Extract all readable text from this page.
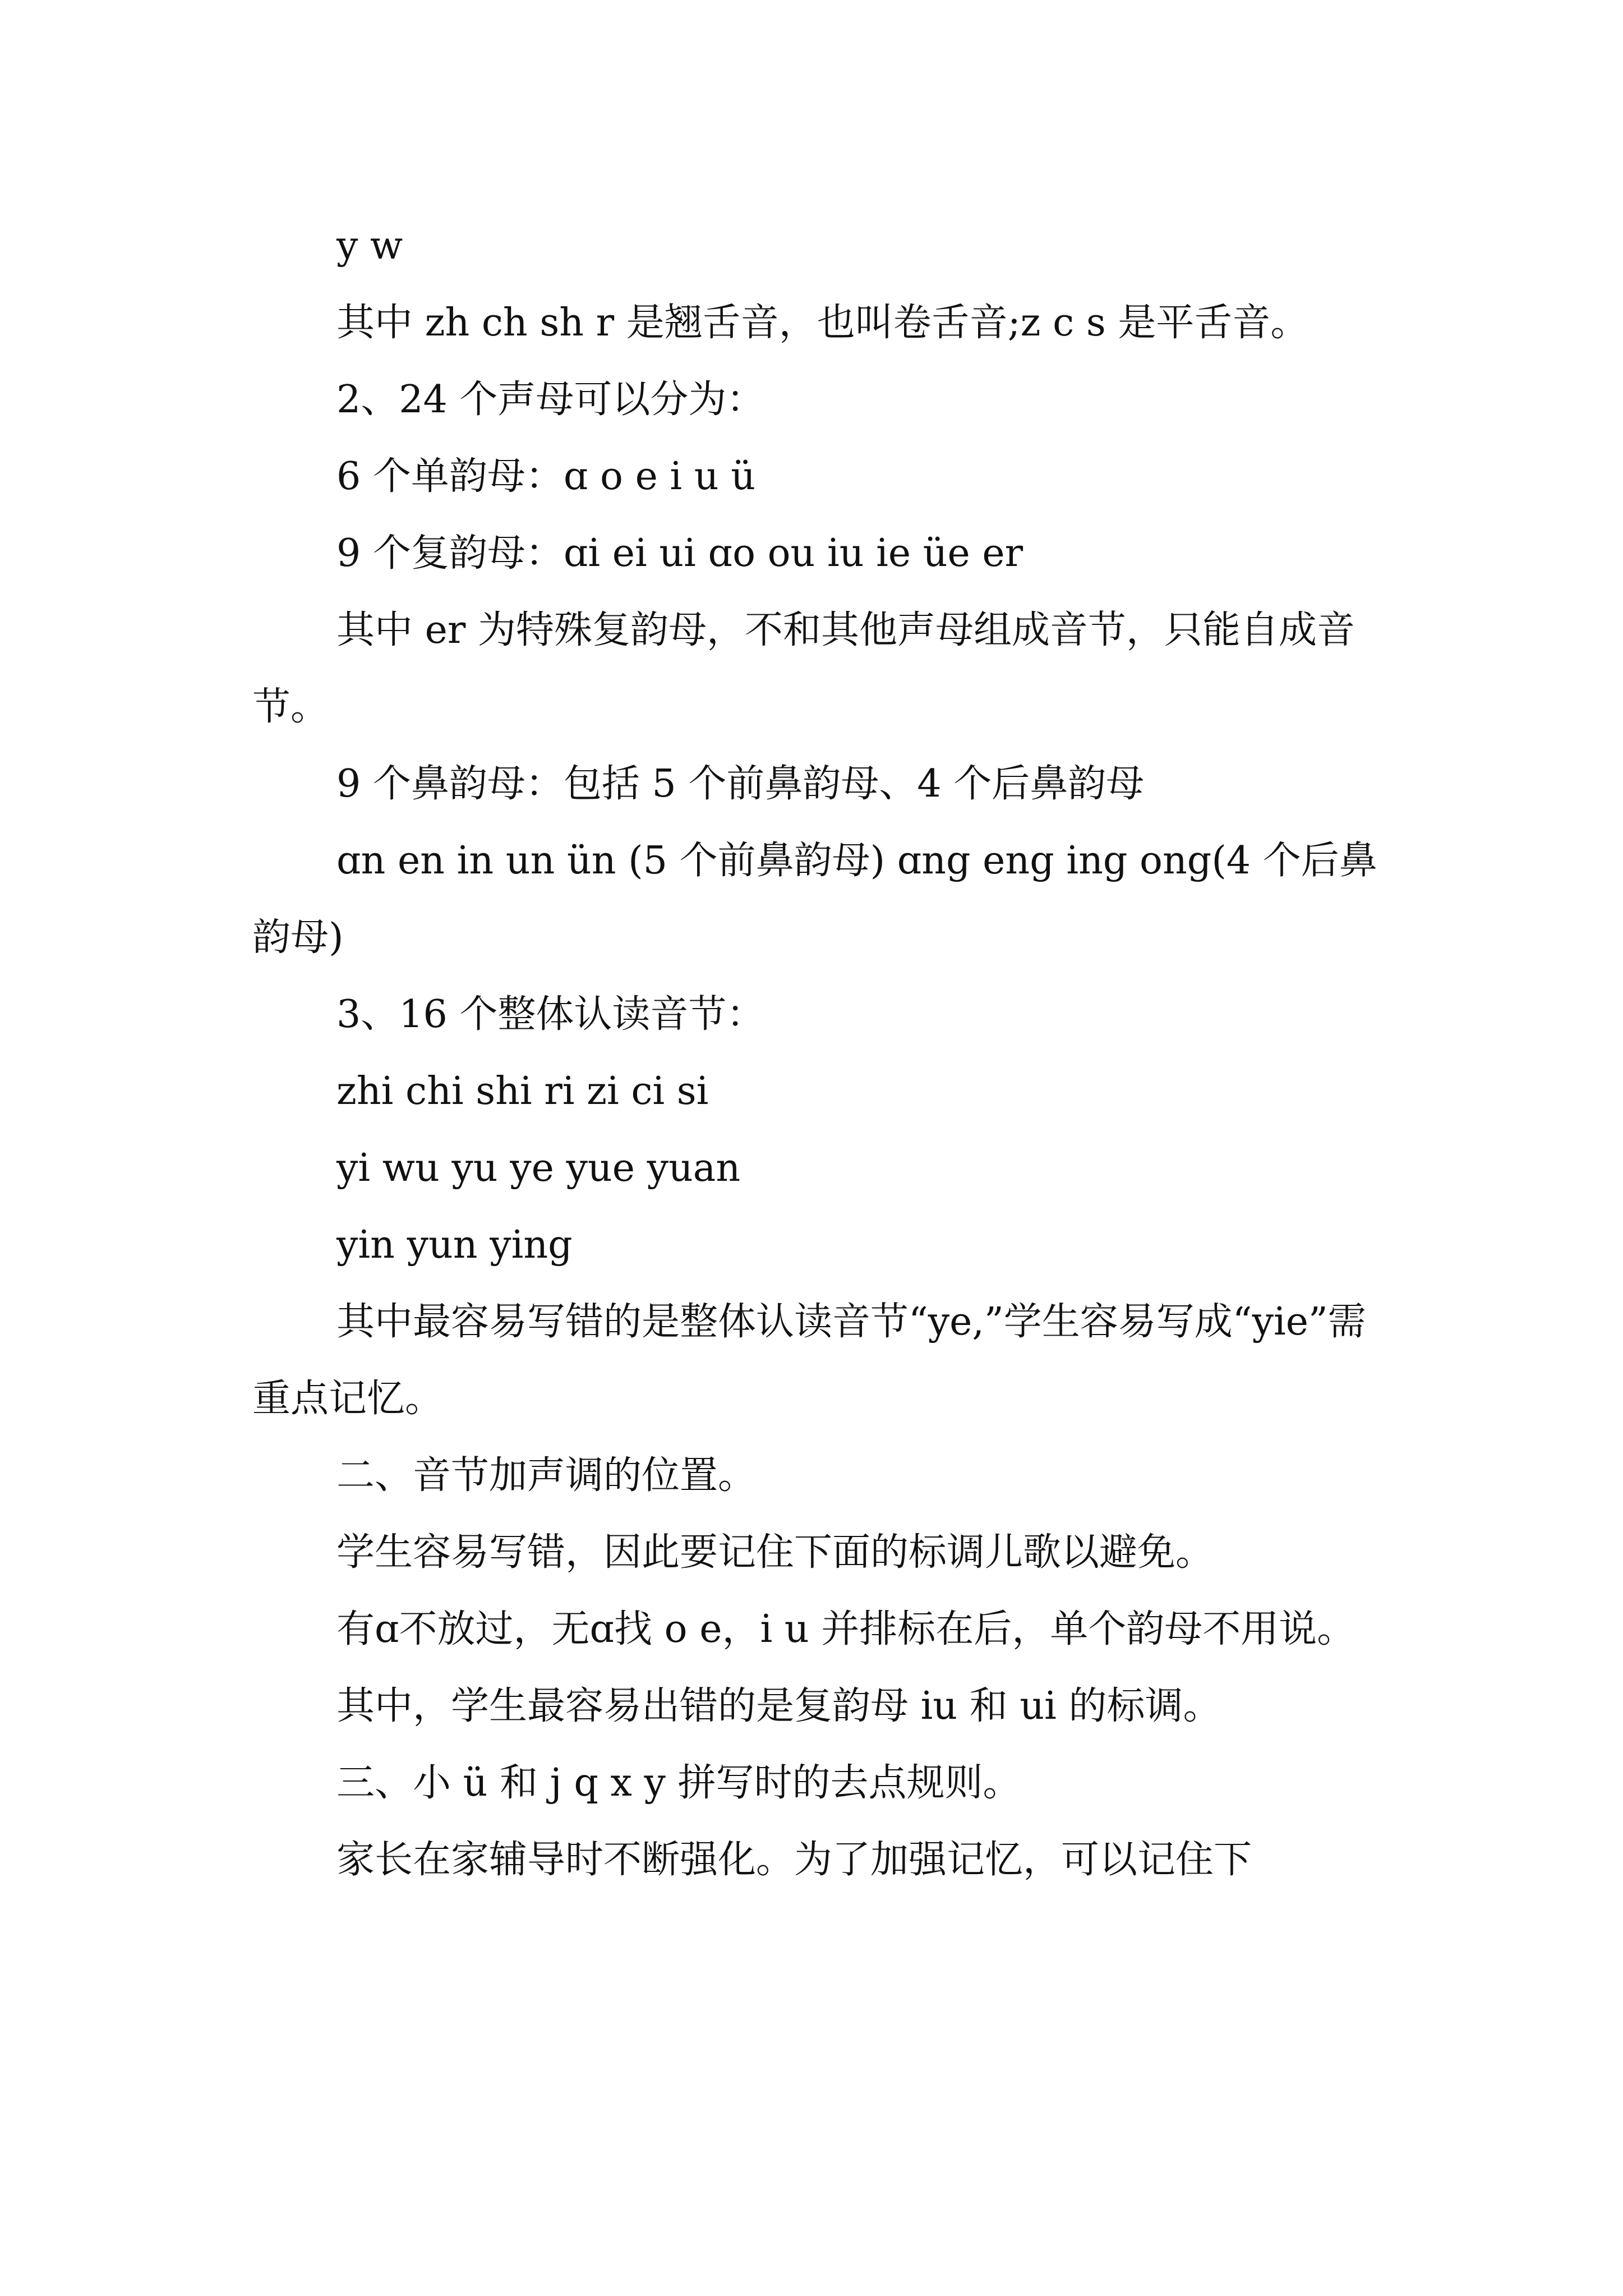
y w

其中 zh ch sh r 是翘舌音，也叫卷舌音;z c s 是平舌音。

2、24 个声母可以分为：

6 个单韵母：ɑ o e i u ü

9 个复韵母：ɑi ei ui ɑo ou iu ie üe er

其中 er 为特殊复韵母，不和其他声母组成音节，只能自成音节。

9 个鼻韵母：包括 5 个前鼻韵母、4 个后鼻韵母

ɑn en in un ün (5 个前鼻韵母) ɑng eng ing ong(4 个后鼻韵母)

3、16 个整体认读音节：

zhi chi shi ri zi ci si

yi wu yu ye yue yuan

yin yun ying

其中最容易写错的是整体认读音节“ye,”学生容易写成“yie”需重点记忆。

二、音节加声调的位置。

学生容易写错，因此要记住下面的标调儿歌以避免。

有ɑ不放过，无ɑ找 o e，i u 并排标在后，单个韵母不用说。

其中，学生最容易出错的是复韵母 iu 和 ui 的标调。

三、小 ü 和 j q x y 拼写时的去点规则。

家长在家辅导时不断强化。为了加强记忆，可以记住下
